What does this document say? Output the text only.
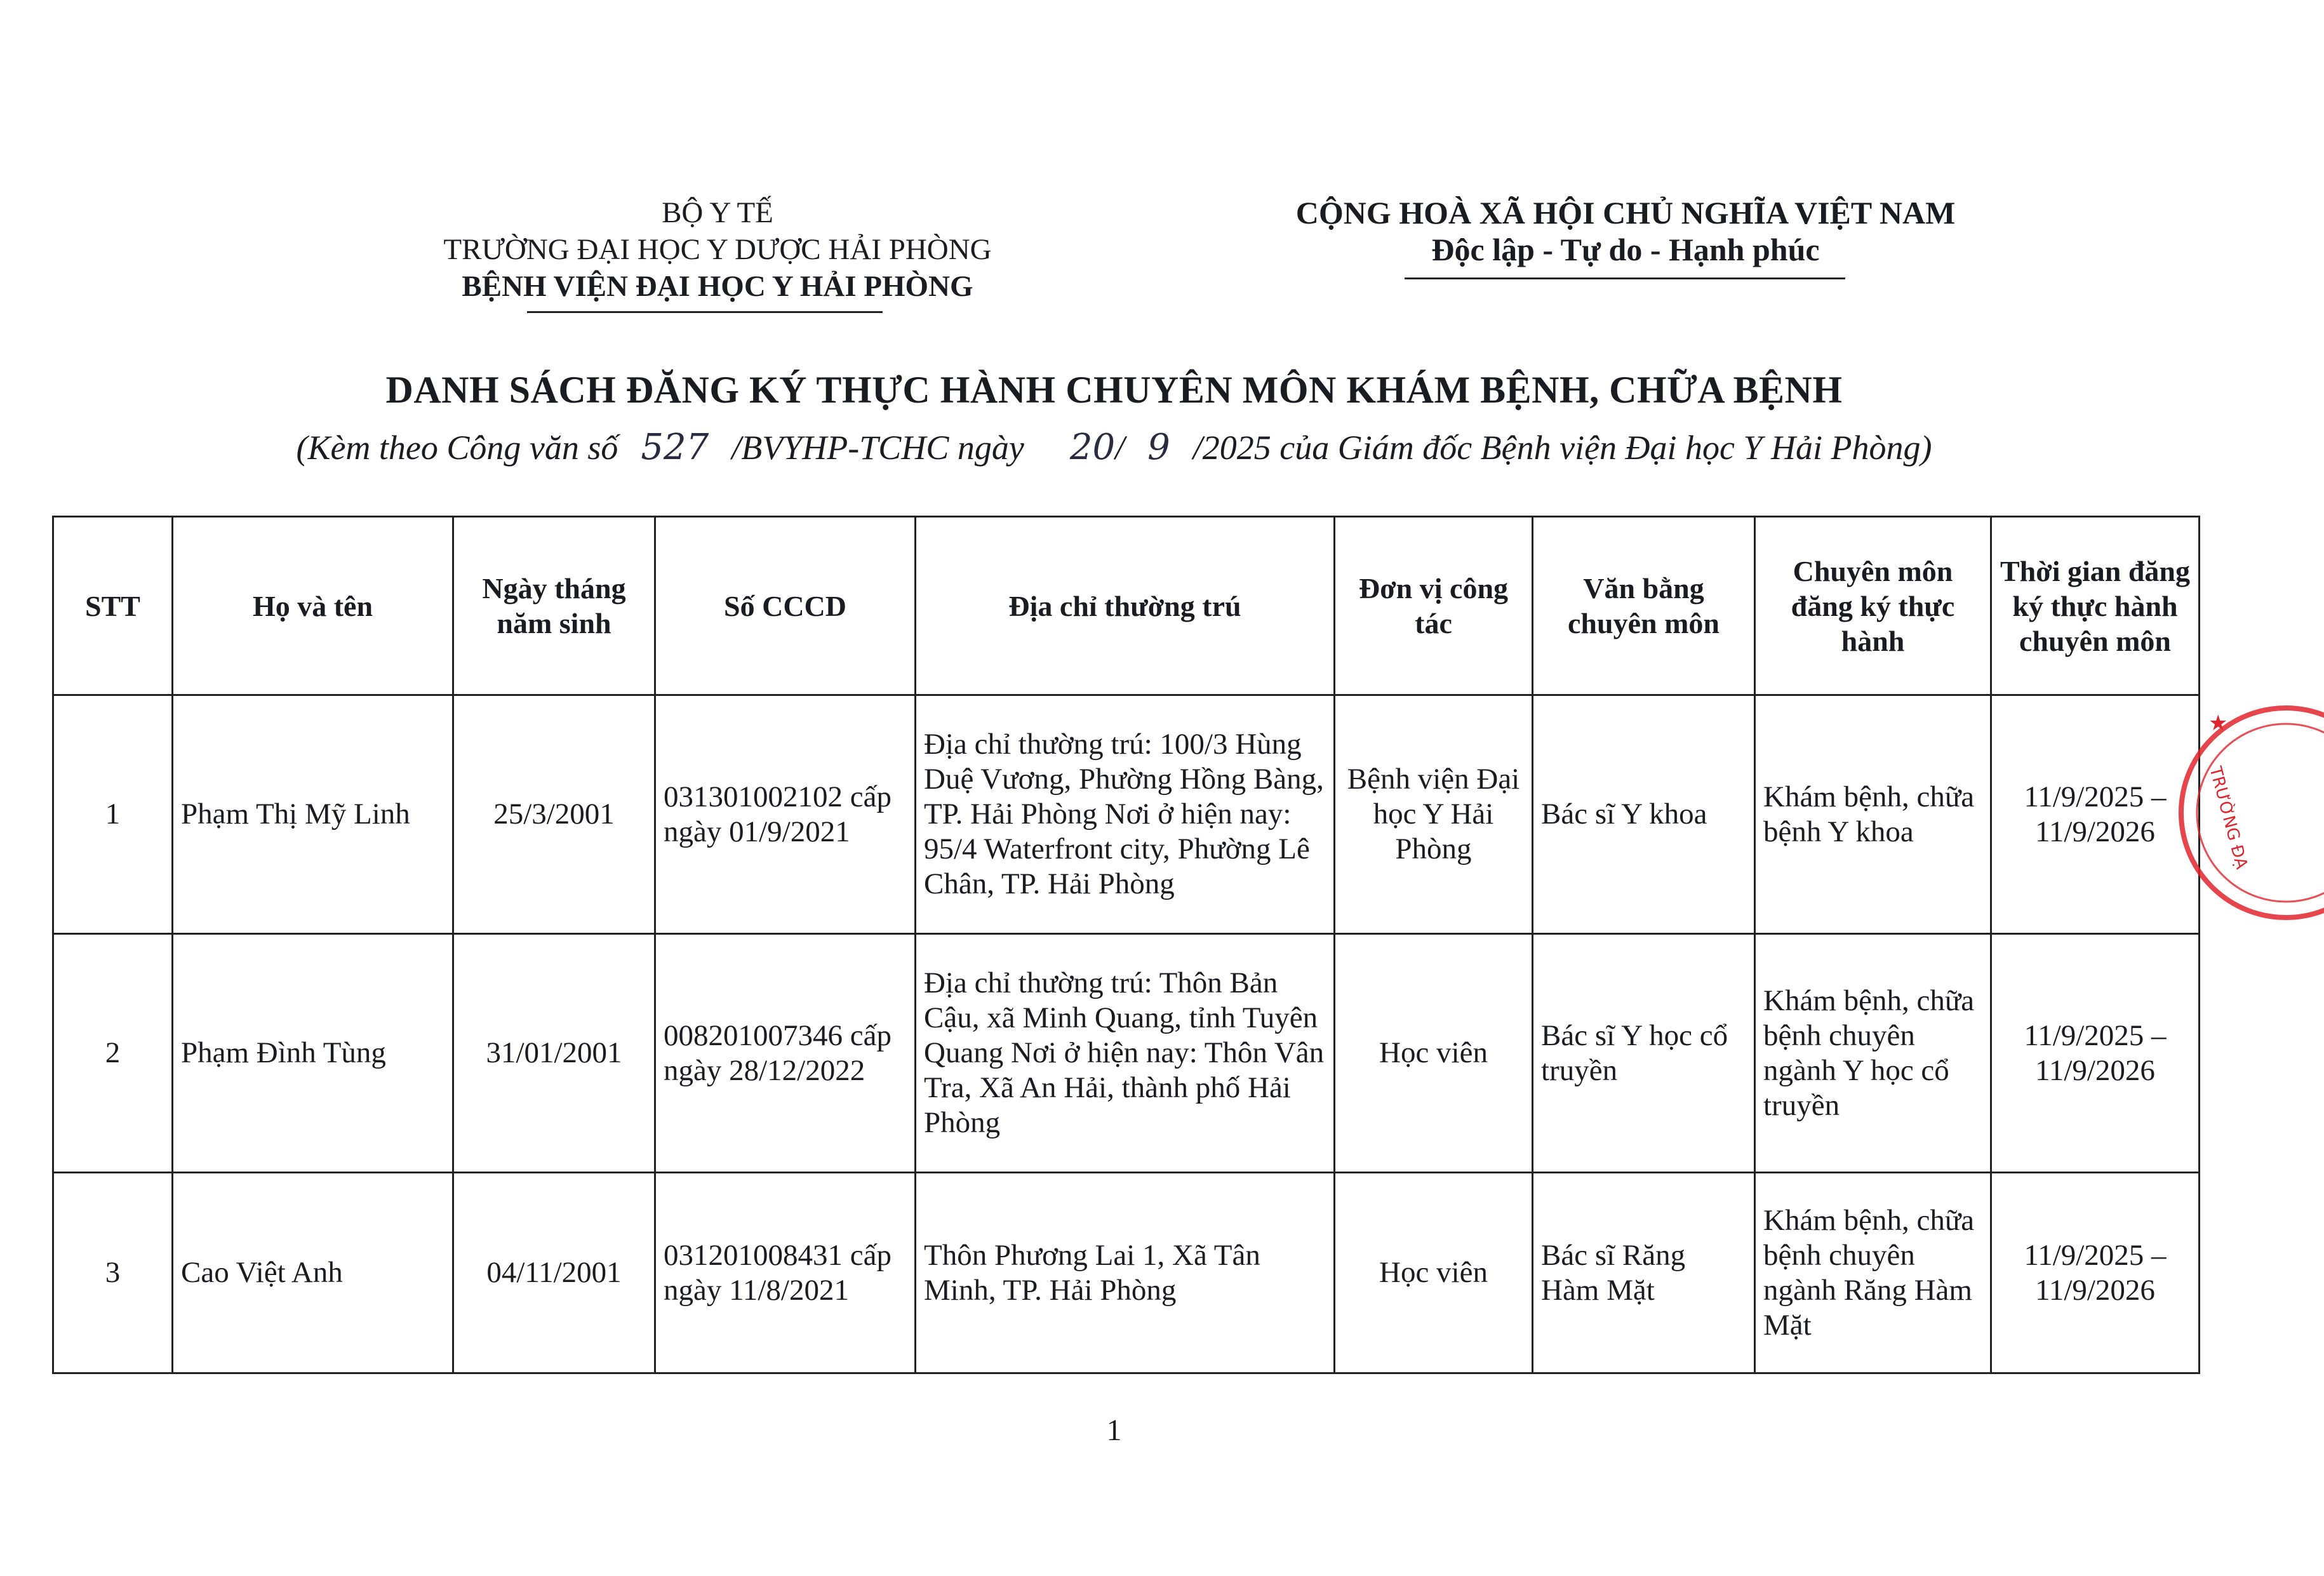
BỘ Y TẾ
TRƯỜNG ĐẠI HỌC Y DƯỢC HẢI PHÒNG
BỆNH VIỆN ĐẠI HỌC Y HẢI PHÒNG
CỘNG HOÀ XÃ HỘI CHỦ NGHĨA VIỆT NAM
Độc lập - Tự do - Hạnh phúc
DANH SÁCH ĐĂNG KÝ THỰC HÀNH CHUYÊN MÔN KHÁM BỆNH, CHỮA BỆNH
(Kèm theo Công văn số 527 /BVYHP-TCHC ngày 20/ 9 /2025 của Giám đốc Bệnh viện Đại học Y Hải Phòng)
STT	Họ và tên	Ngày tháng năm sinh	Số CCCD	Địa chỉ thường trú	Đơn vị công tác	Văn bằng chuyên môn	Chuyên môn đăng ký thực hành	Thời gian đăng ký thực hành chuyên môn
1	Phạm Thị Mỹ Linh	25/3/2001	031301002102 cấp ngày 01/9/2021	Địa chỉ thường trú: 100/3 Hùng Duệ Vương, Phường Hồng Bàng, TP. Hải Phòng Nơi ở hiện nay: 95/4 Waterfront city, Phường Lê Chân, TP. Hải Phòng	Bệnh viện Đại học Y Hải Phòng	Bác sĩ Y khoa	Khám bệnh, chữa bệnh Y khoa	11/9/2025 – 11/9/2026
2	Phạm Đình Tùng	31/01/2001	008201007346 cấp ngày 28/12/2022	Địa chỉ thường trú: Thôn Bản Cậu, xã Minh Quang, tỉnh Tuyên Quang Nơi ở hiện nay: Thôn Vân Tra, Xã An Hải, thành phố Hải Phòng	Học viên	Bác sĩ Y học cổ truyền	Khám bệnh, chữa bệnh chuyên ngành Y học cổ truyền	11/9/2025 – 11/9/2026
3	Cao Việt Anh	04/11/2001	031201008431 cấp ngày 11/8/2021	Thôn Phương Lai 1, Xã Tân Minh, TP. Hải Phòng	Học viên	Bác sĩ Răng Hàm Mặt	Khám bệnh, chữa bệnh chuyên ngành Răng Hàm Mặt	11/9/2025 – 11/9/2026
★
TRƯỜNG ĐẠ
1
